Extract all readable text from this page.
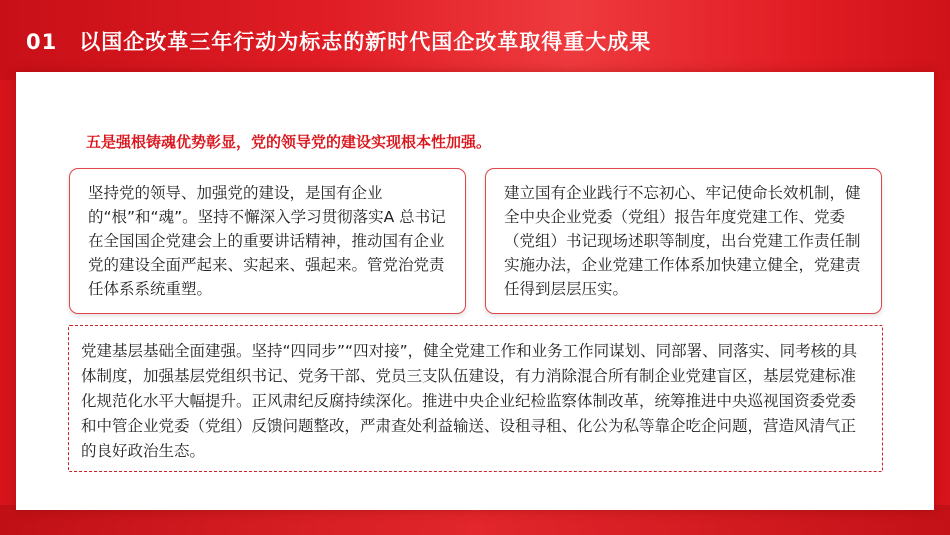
01 以国企改革三年行动为标志的新时代国企改革取得重大成果
五是强根铸魂优势彰显，党的领导党的建设实现根本性加强。

坚持党的领导、加强党的建设，是国有企业的“根”和“魂”。坚持不懈深入学习贯彻落实A 总书记在全国国企党建会上的重要讲话精神，推动国有企业党的建设全面严起来、实起来、强起来。管党治党责任体系系统重塑。

建立国有企业践行不忘初心、牢记使命长效机制，健全中央企业党委（党组）报告年度党建工作、党委（党组）书记现场述职等制度，出台党建工作责任制实施办法，企业党建工作体系加快建立健全，党建责任得到层层压实。

党建基层基础全面建强。坚持“四同步”“四对接”，健全党建工作和业务工作同谋划、同部署、同落实、同考核的具体制度，加强基层党组织书记、党务干部、党员三支队伍建设，有力消除混合所有制企业党建盲区，基层党建标准化规范化水平大幅提升。正风肃纪反腐持续深化。推进中央企业纪检监察体制改革，统筹推进中央巡视国资委党委和中管企业党委（党组）反馈问题整改，严肃查处利益输送、设租寻租、化公为私等靠企吃企问题，营造风清气正的良好政治生态。
